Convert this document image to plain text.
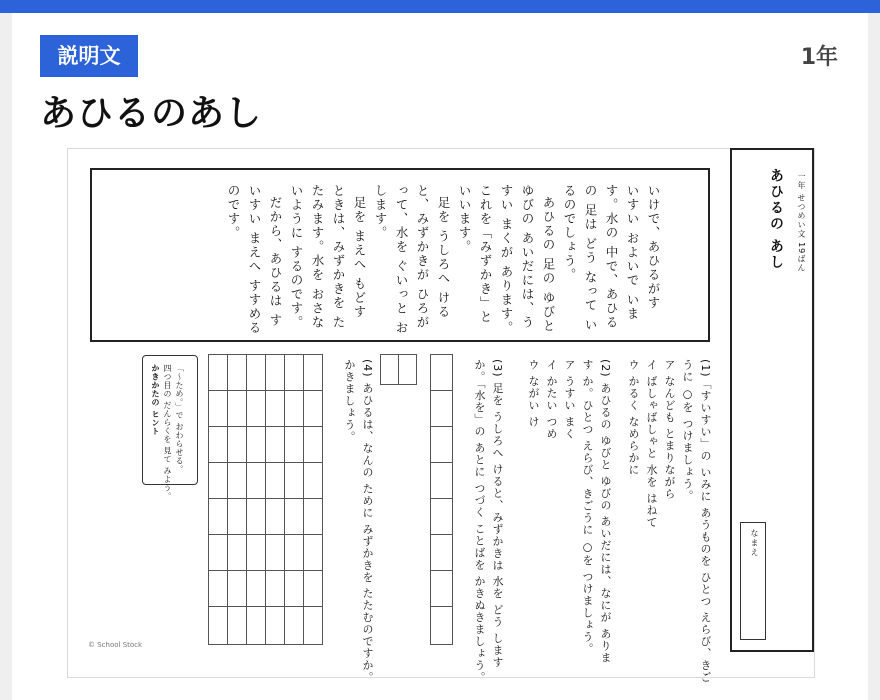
説明文	1年
あひるのあし
あひるの あし 一年 せつめい文 19ばん
なまえ
いけで、あひるがす
いすい およいで いま
す。水の 中で、あひる
の 足は どう なって い
るのでしょう。
あひるの 足の ゆびと
ゆびの あいだには、う
すい まくが あります。
これを「みずかき」と
いいます。
足を うしろへ ける
と、みずかきが ひろが
って、水を ぐいっと お
します。
足を まえへ もどす
ときは、みずかきを た
たみます。水を おさな
いように するのです。
だから、あひるは す
いすい まえへ すすめる
のです。
(1)「すいすい」の いみに あうものを ひとつ えらび、きご
うに ○を つけましょう。
ア なんども とまりながら
イ ばしゃばしゃと 水を はねて
ウ かるく なめらかに
(2) あひるの ゆびと ゆびの あいだには、なにが ありま
す か。ひとつ えらび、きごうに ○を つけましょう。
ア うすい まく
イ かたい つめ
ウ ながい け
(3) 足を うしろへ けると、みずかきは 水を どう します
か。「水を」の あとに つづく ことばを かきぬきましょう。
(4) あひるは、なんの ために みずかきを たたむのですか。
かきましょう。
かきかたの ヒント 四つ目の だんらくを 見て みよう。 「〜ため。」で おわらせる。
© School Stock
